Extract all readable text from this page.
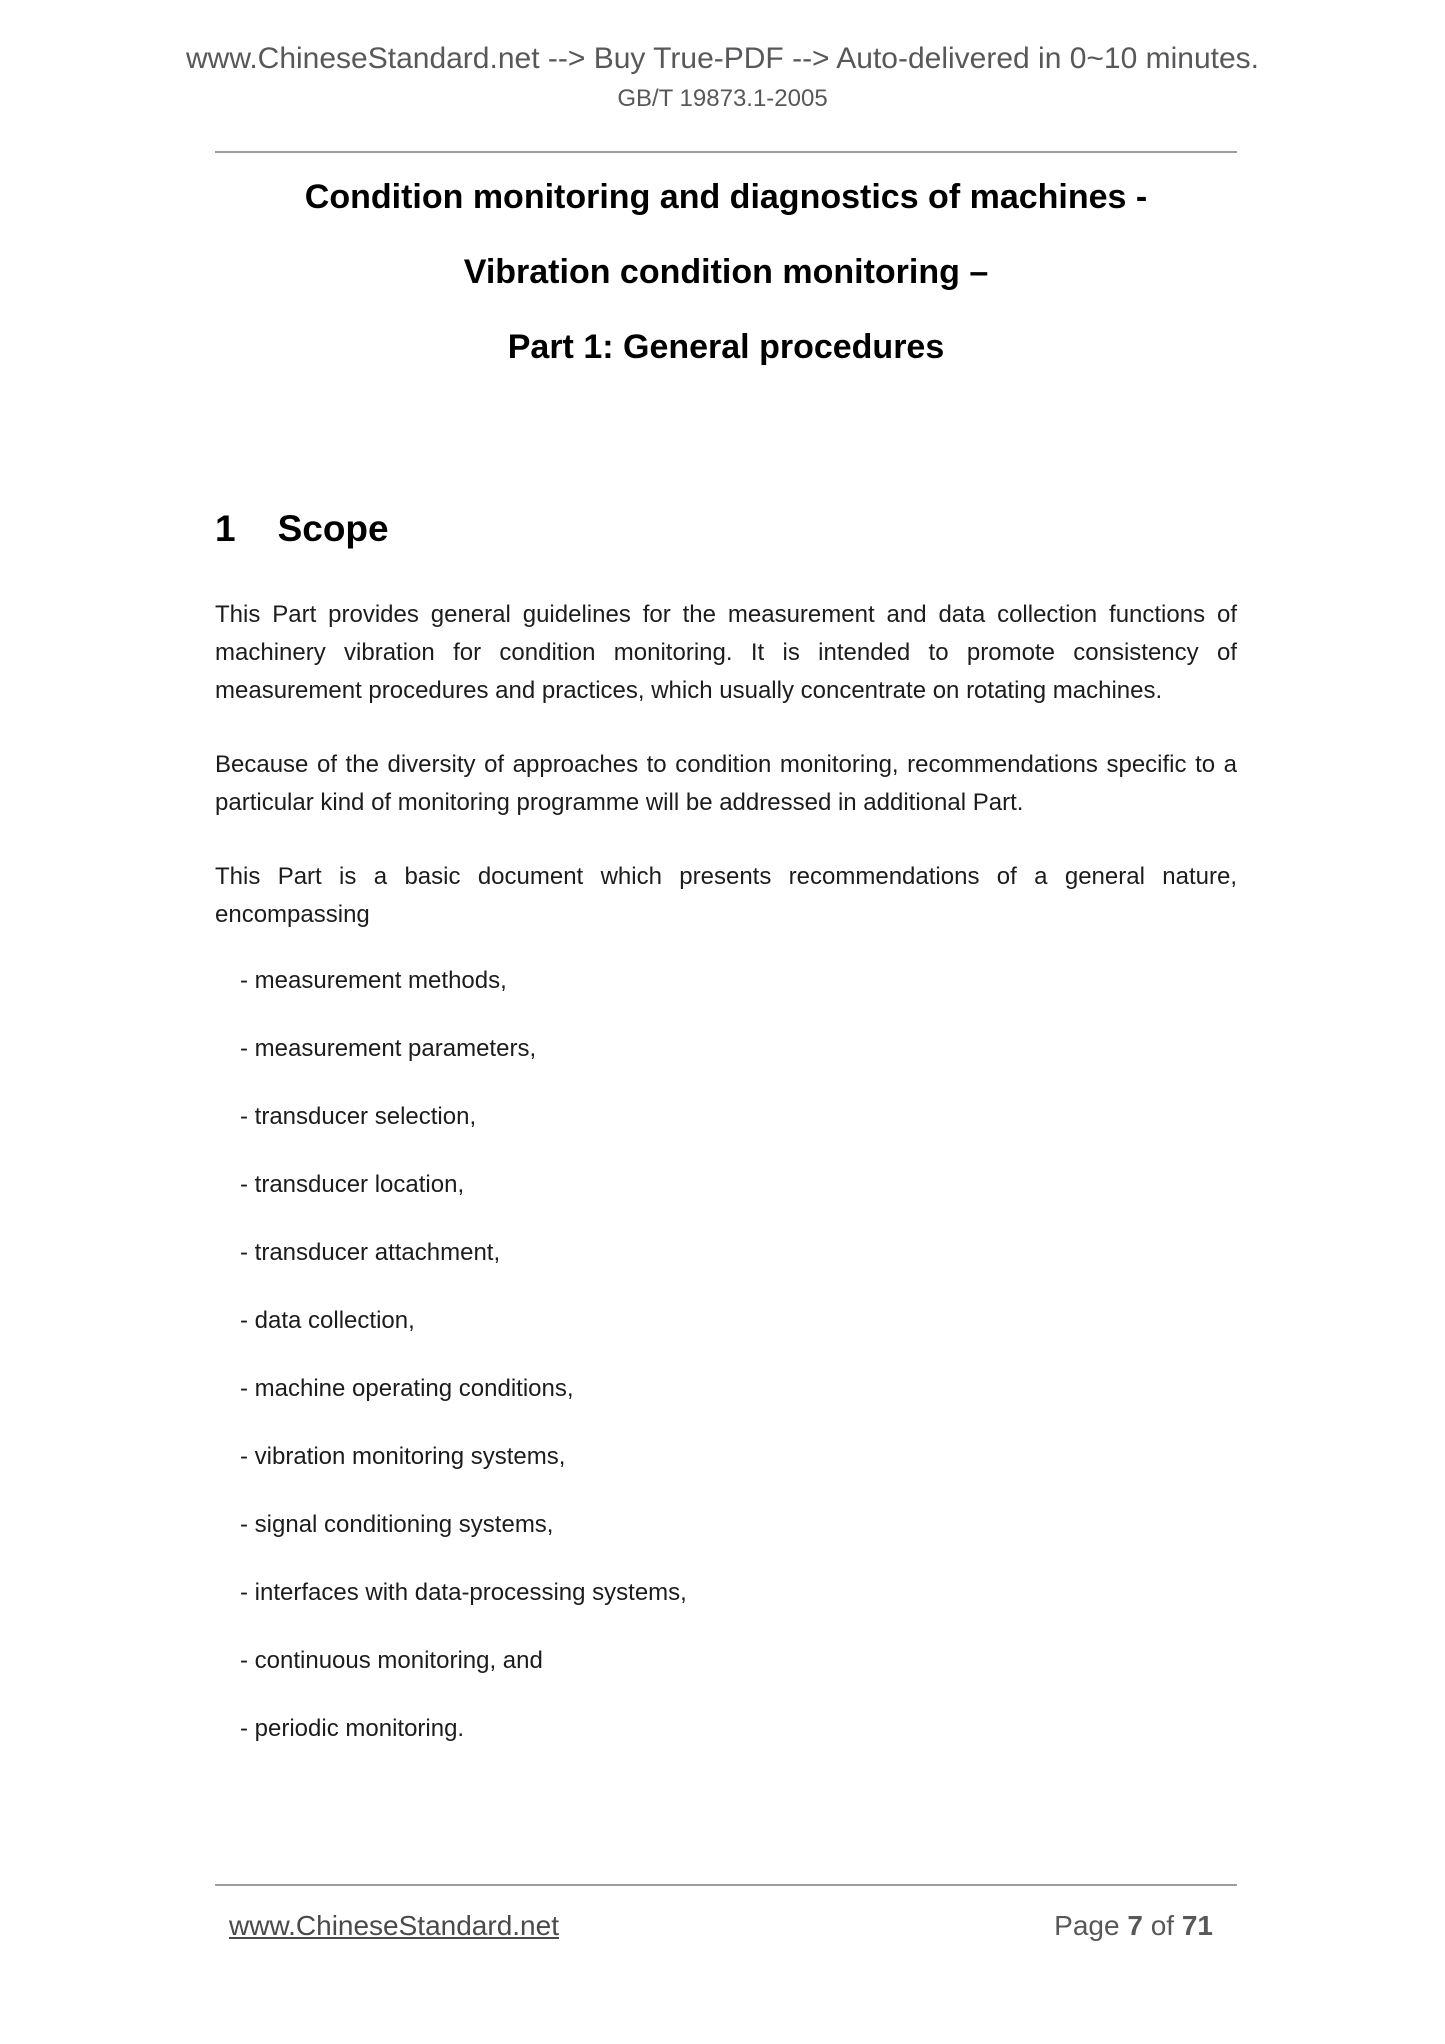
www.ChineseStandard.net --> Buy True-PDF --> Auto-delivered in 0~10 minutes.
GB/T 19873.1-2005
Condition monitoring and diagnostics of machines -
Vibration condition monitoring –
Part 1: General procedures
1 Scope

This Part provides general guidelines for the measurement and data collection functions of machinery vibration for condition monitoring. It is intended to promote consistency of measurement procedures and practices, which usually concentrate on rotating machines.

Because of the diversity of approaches to condition monitoring, recommendations specific to a particular kind of monitoring programme will be addressed in additional Part.

This Part is a basic document which presents recommendations of a general nature, encompassing

- measurement methods,
- measurement parameters,
- transducer selection,
- transducer location,
- transducer attachment,
- data collection,
- machine operating conditions,
- vibration monitoring systems,
- signal conditioning systems,
- interfaces with data-processing systems,
- continuous monitoring, and
- periodic monitoring.
www.ChineseStandard.net	Page 7 of 71
